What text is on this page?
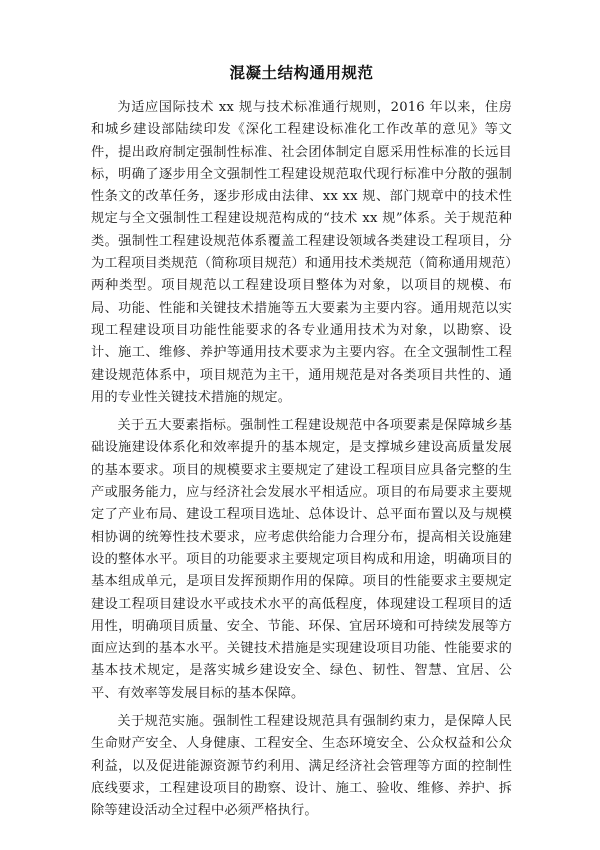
混凝土结构通用规范

为适应国际技术 xx 规与技术标准通行规则，2016 年以来，住房和城乡建设部陆续印发《深化工程建设标准化工作改革的意见》等文件，提出政府制定强制性标准、社会团体制定自愿采用性标准的长远目标，明确了逐步用全文强制性工程建设规范取代现行标准中分散的强制性条文的改革任务，逐步形成由法律、xx xx 规、部门规章中的技术性规定与全文强制性工程建设规范构成的“技术 xx 规”体系。关于规范种类。强制性工程建设规范体系覆盖工程建设领域各类建设工程项目，分为工程项目类规范（简称项目规范）和通用技术类规范（简称通用规范）两种类型。项目规范以工程建设项目整体为对象，以项目的规模、布局、功能、性能和关键技术措施等五大要素为主要内容。通用规范以实现工程建设项目功能性能要求的各专业通用技术为对象，以勘察、设计、施工、维修、养护等通用技术要求为主要内容。在全文强制性工程建设规范体系中，项目规范为主干，通用规范是对各类项目共性的、通用的专业性关键技术措施的规定。

关于五大要素指标。强制性工程建设规范中各项要素是保障城乡基础设施建设体系化和效率提升的基本规定，是支撑城乡建设高质量发展的基本要求。项目的规模要求主要规定了建设工程项目应具备完整的生产或服务能力，应与经济社会发展水平相适应。项目的布局要求主要规定了产业布局、建设工程项目选址、总体设计、总平面布置以及与规模相协调的统筹性技术要求，应考虑供给能力合理分布，提高相关设施建设的整体水平。项目的功能要求主要规定项目构成和用途，明确项目的基本组成单元，是项目发挥预期作用的保障。项目的性能要求主要规定建设工程项目建设水平或技术水平的高低程度，体现建设工程项目的适用性，明确项目质量、安全、节能、环保、宜居环境和可持续发展等方面应达到的基本水平。关键技术措施是实现建设项目功能、性能要求的基本技术规定，是落实城乡建设安全、绿色、韧性、智慧、宜居、公平、有效率等发展目标的基本保障。

关于规范实施。强制性工程建设规范具有强制约束力，是保障人民生命财产安全、人身健康、工程安全、生态环境安全、公众权益和公众利益，以及促进能源资源节约利用、满足经济社会管理等方面的控制性底线要求，工程建设项目的勘察、设计、施工、验收、维修、养护、拆除等建设活动全过程中必须严格执行。
